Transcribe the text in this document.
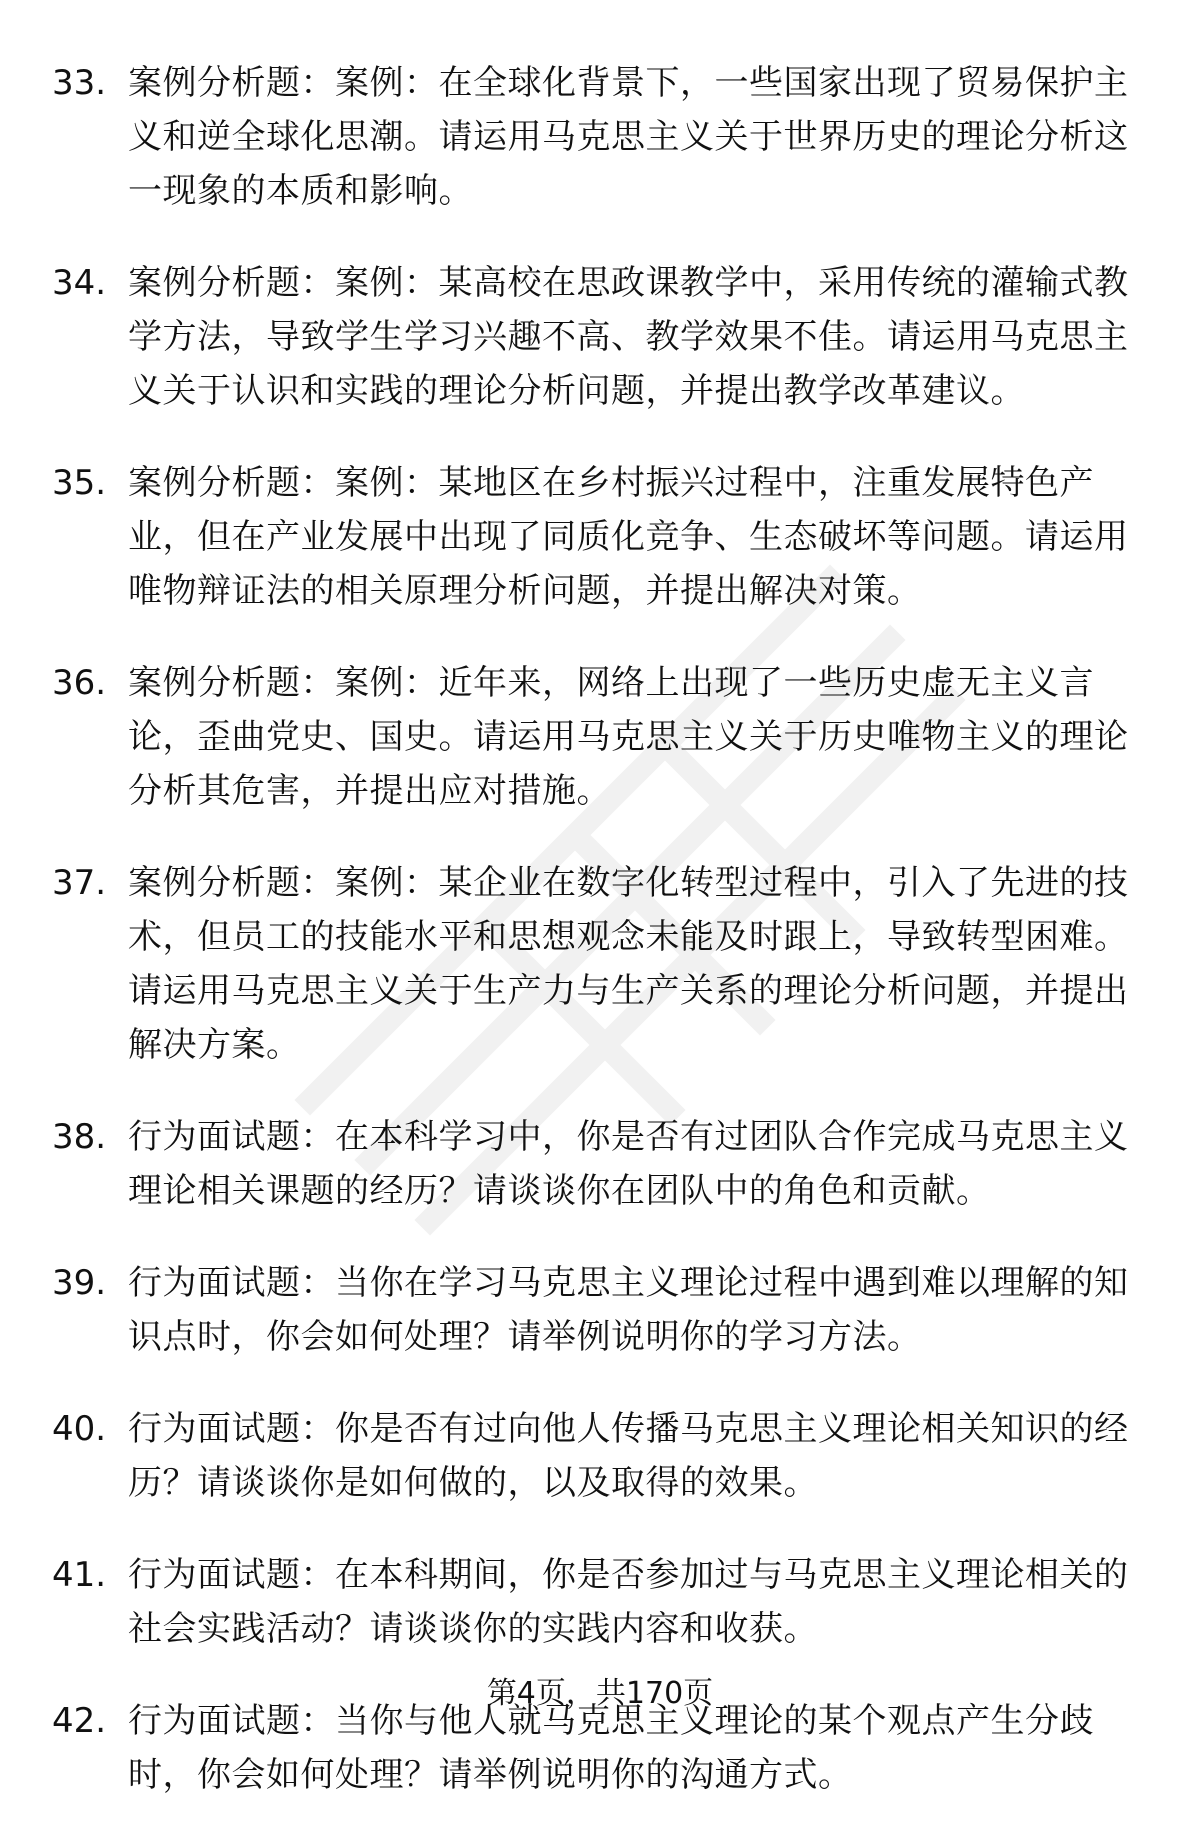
33. 案例分析题：案例：在全球化背景下，一些国家出现了贸易保护主义和逆全球化思潮。请运用马克思主义关于世界历史的理论分析这一现象的本质和影响。
34. 案例分析题：案例：某高校在思政课教学中，采用传统的灌输式教学方法，导致学生学习兴趣不高、教学效果不佳。请运用马克思主义关于认识和实践的理论分析问题，并提出教学改革建议。
35. 案例分析题：案例：某地区在乡村振兴过程中，注重发展特色产业，但在产业发展中出现了同质化竞争、生态破坏等问题。请运用唯物辩证法的相关原理分析问题，并提出解决对策。
36. 案例分析题：案例：近年来，网络上出现了一些历史虚无主义言论，歪曲党史、国史。请运用马克思主义关于历史唯物主义的理论分析其危害，并提出应对措施。
37. 案例分析题：案例：某企业在数字化转型过程中，引入了先进的技术，但员工的技能水平和思想观念未能及时跟上，导致转型困难。请运用马克思主义关于生产力与生产关系的理论分析问题，并提出解决方案。
38. 行为面试题：在本科学习中，你是否有过团队合作完成马克思主义理论相关课题的经历？请谈谈你在团队中的角色和贡献。
39. 行为面试题：当你在学习马克思主义理论过程中遇到难以理解的知识点时，你会如何处理？请举例说明你的学习方法。
40. 行为面试题：你是否有过向他人传播马克思主义理论相关知识的经历？请谈谈你是如何做的，以及取得的效果。
41. 行为面试题：在本科期间，你是否参加过与马克思主义理论相关的社会实践活动？请谈谈你的实践内容和收获。
42. 行为面试题：当你与他人就马克思主义理论的某个观点产生分歧时，你会如何处理？请举例说明你的沟通方式。
第4页，共170页
